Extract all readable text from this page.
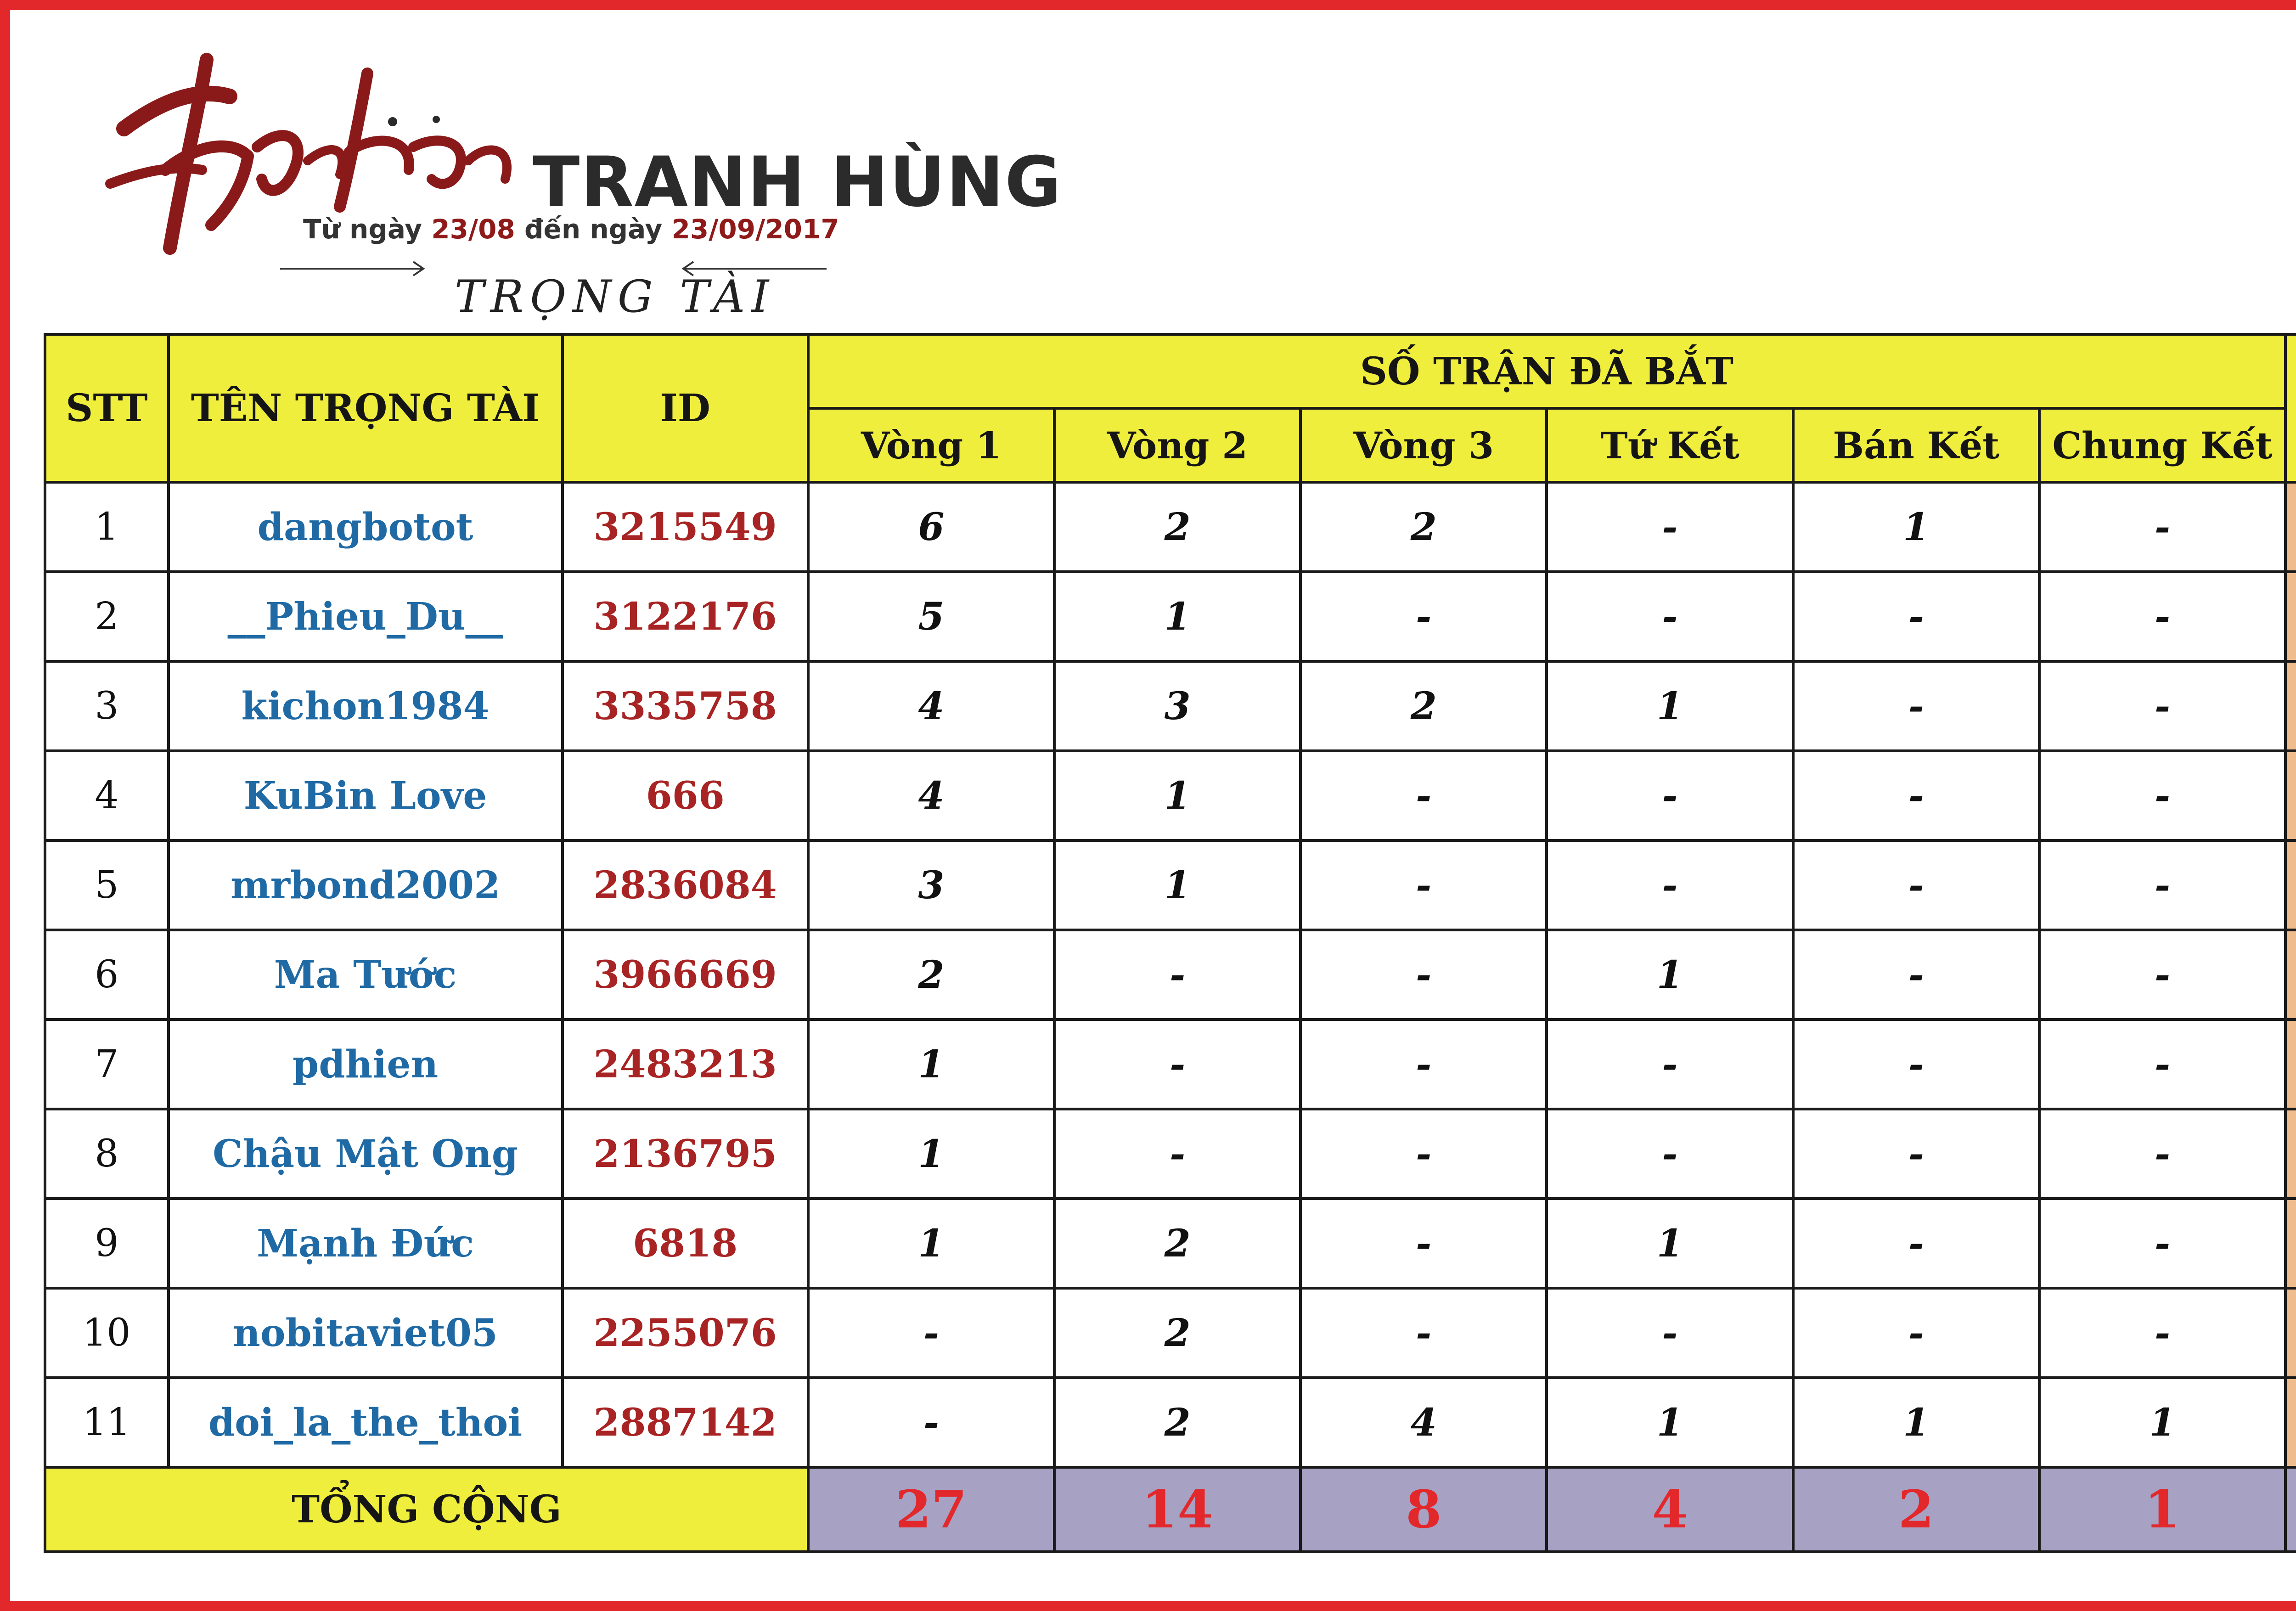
TRANH HÙNG
Từ ngày 23/08 đến ngày 23/09/2017
TRỌNG TÀI
STT	TÊN TRỌNG TÀI	ID	SỐ TRẬN ĐÃ BẮT	

			Vòng 1	Vòng 2	Vòng 3	Tứ Kết	Bán Kết	Chung Kết		
1	dangbotot	3215549	6	2	2	-	1	-		
2	__Phieu_Du__	3122176	5	1	-	-	-	-		
3	kichon1984	3335758	4	3	2	1	-	-		
4	KuBin Love	666	4	1	-	-	-	-		
5	mrbond2002	2836084	3	1	-	-	-	-		
6	Ma Tước	3966669	2	-	-	1	-	-		
7	pdhien	2483213	1	-	-	-	-	-		
8	Chậu Mật Ong	2136795	1	-	-	-	-	-		
9	Mạnh Đức	6818	1	2	-	1	-	-		
10	nobitaviet05	2255076	-	2	-	-	-	-		
11	doi_la_the_thoi	2887142	-	2	4	1	1	1		
TỔNG CỘNG			27	14	8	4	2	1		
